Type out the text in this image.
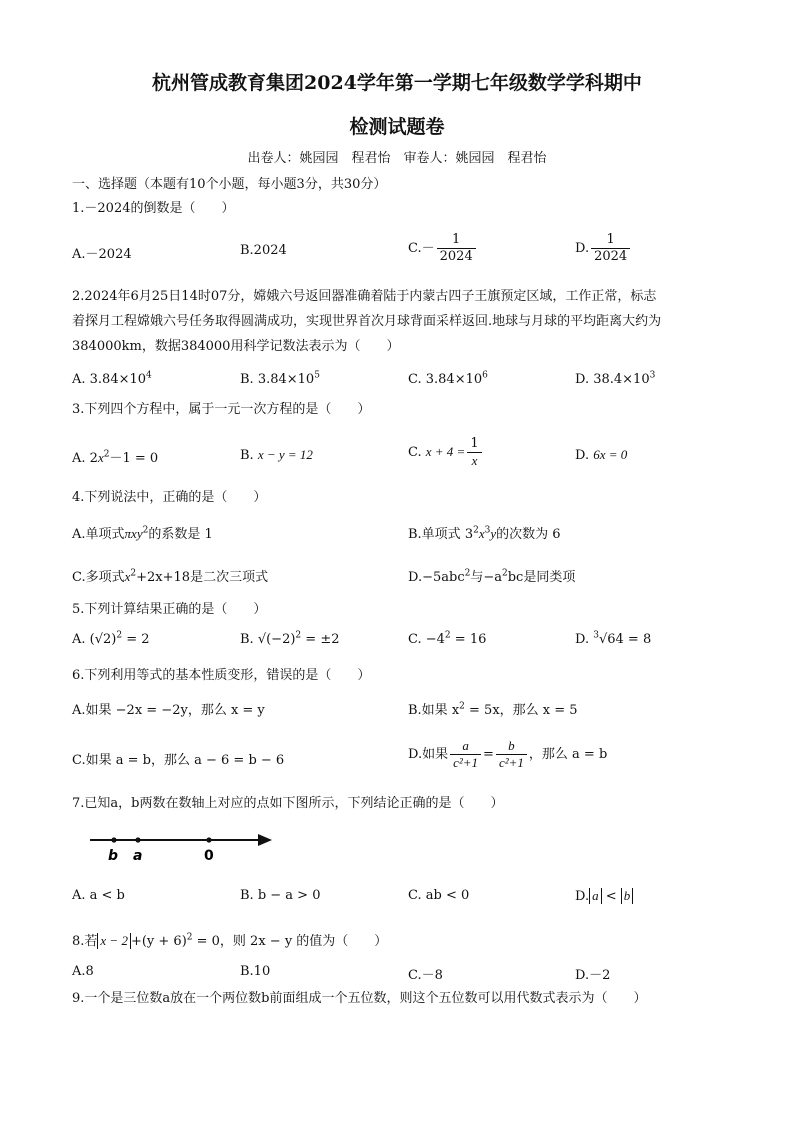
杭州管成教育集团2024学年第一学期七年级数学学科期中
检测试题卷
出卷人：姚园园　程君怡　审卷人：姚园园　程君怡
一、选择题（本题有10个小题，每小题3分，共30分）
1.－2024的倒数是（　　）
A.－2024	B.2024	$C.- \frac{1}{2024}$	D. $\frac{1}{2024}$
2.2024年6月25日14时07分，嫦娥六号返回器准确着陆于内蒙古四子王旗预定区域，工作正常，标志
着探月工程嫦娥六号任务取得圆满成功，实现世界首次月球背面采样返回.地球与月球的平均距离大约为
384000km，数据384000用科学记数法表示为（　　）
A. $3.84\times 10^4$	B. $3.84\times 10^5$	C. $3.84\times 10^6$	D. $38.4\times 10^3$
3.下列四个方程中，属于一元一次方程的是（　　）
A. $2x^2-1 = 0$	B. x − y = 12	C. $x + 4 = \frac{1}{x}$	D. 6x = 0
4.下列说法中，正确的是（　　）
A.单项式πxy$^2$的系数是 1	B.单项式 $3^2x^3y$的次数为 6
C.多项式$x^2+2x+18$是二次三项式	D.−5abc$^2$与$-a^2bc$是同类项
5.下列计算结果正确的是（　　）
A. $(√2)^2 = 2$	B. $√(-2)^2 = \pm 2$	C. $-4^2 = 16$	D. $^3$√64 = 8
6.下列利用等式的基本性质变形，错误的是（　　）
A.如果 −2x = −2y，那么 x = y	B.如果 $x^2 = 5x$，那么 x = 5
C.如果 a = b，那么 a − 6 = b − 6	D.如果 $\frac{a}{\text{c²+1}} = \frac{b}{\text{c²+1}}$ ，那么 a = b
7.已知a，b两数在数轴上对应的点如下图所示，下列结论正确的是（　　）
b a	0
A. a < b	B. b − a > 0	C. ab < 0	D. a < b
8.若 $x - 2 +(y + 6)^2 = 0$，则 2x − y 的值为（　　）
A.8	B.10	C.－8	D.－2
9.一个是三位数a放在一个两位数b前面组成一个五位数，则这个五位数可以用代数式表示为（　　）
